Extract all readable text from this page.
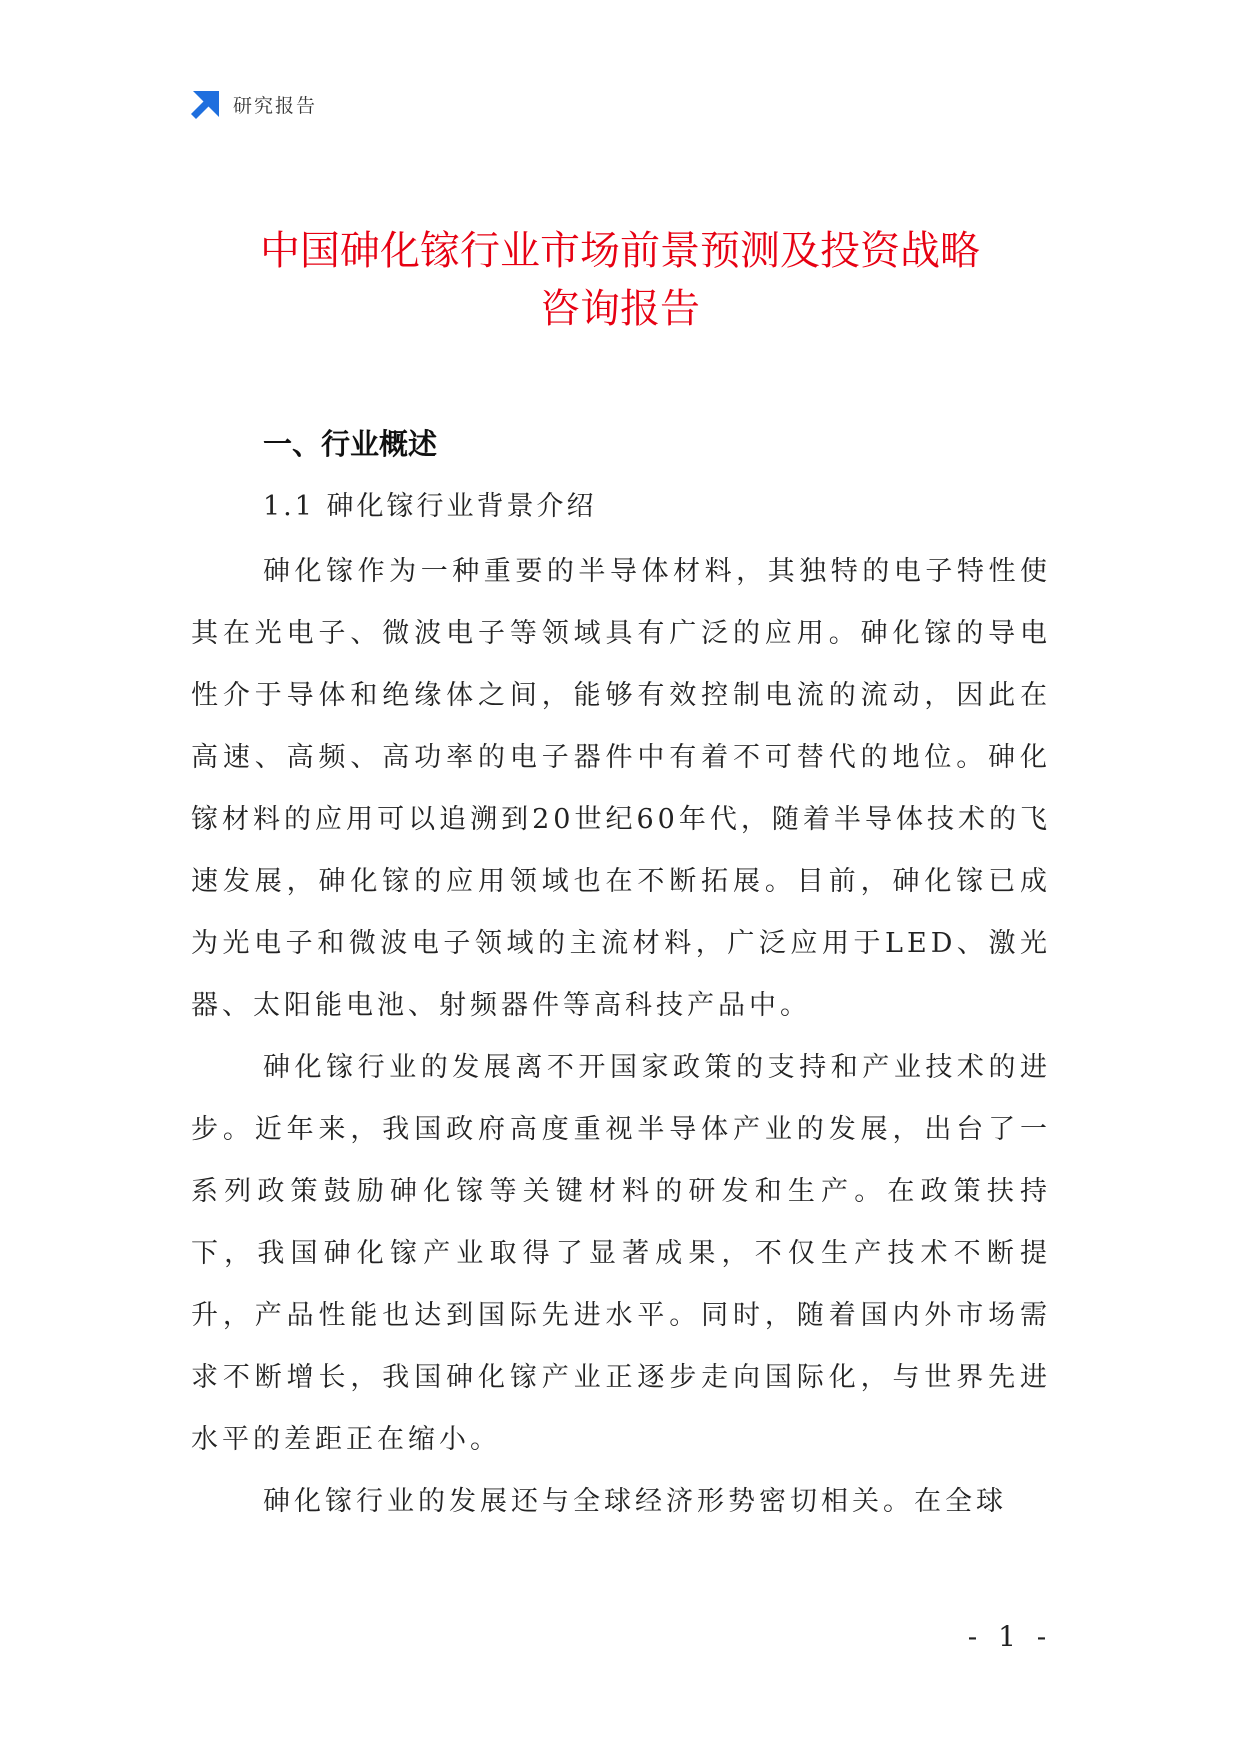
研究报告
中国砷化镓行业市场前景预测及投资战略
咨询报告
一、行业概述
1.1 砷化镓行业背景介绍

砷化镓作为一种重要的半导体材料，其独特的电子特性使其在光电子、微波电子等领域具有广泛的应用。砷化镓的导电性介于导体和绝缘体之间，能够有效控制电流的流动，因此在高速、高频、高功率的电子器件中有着不可替代的地位。砷化镓材料的应用可以追溯到20世纪60年代，随着半导体技术的飞速发展，砷化镓的应用领域也在不断拓展。目前，砷化镓已成为光电子和微波电子领域的主流材料，广泛应用于LED、激光器、太阳能电池、射频器件等高科技产品中。

砷化镓行业的发展离不开国家政策的支持和产业技术的进步。近年来，我国政府高度重视半导体产业的发展，出台了一系列政策鼓励砷化镓等关键材料的研发和生产。在政策扶持下，我国砷化镓产业取得了显著成果，不仅生产技术不断提升，产品性能也达到国际先进水平。同时，随着国内外市场需求不断增长，我国砷化镓产业正逐步走向国际化，与世界先进水平的差距正在缩小。

砷化镓行业的发展还与全球经济形势密切相关。在全球

- 1 -
